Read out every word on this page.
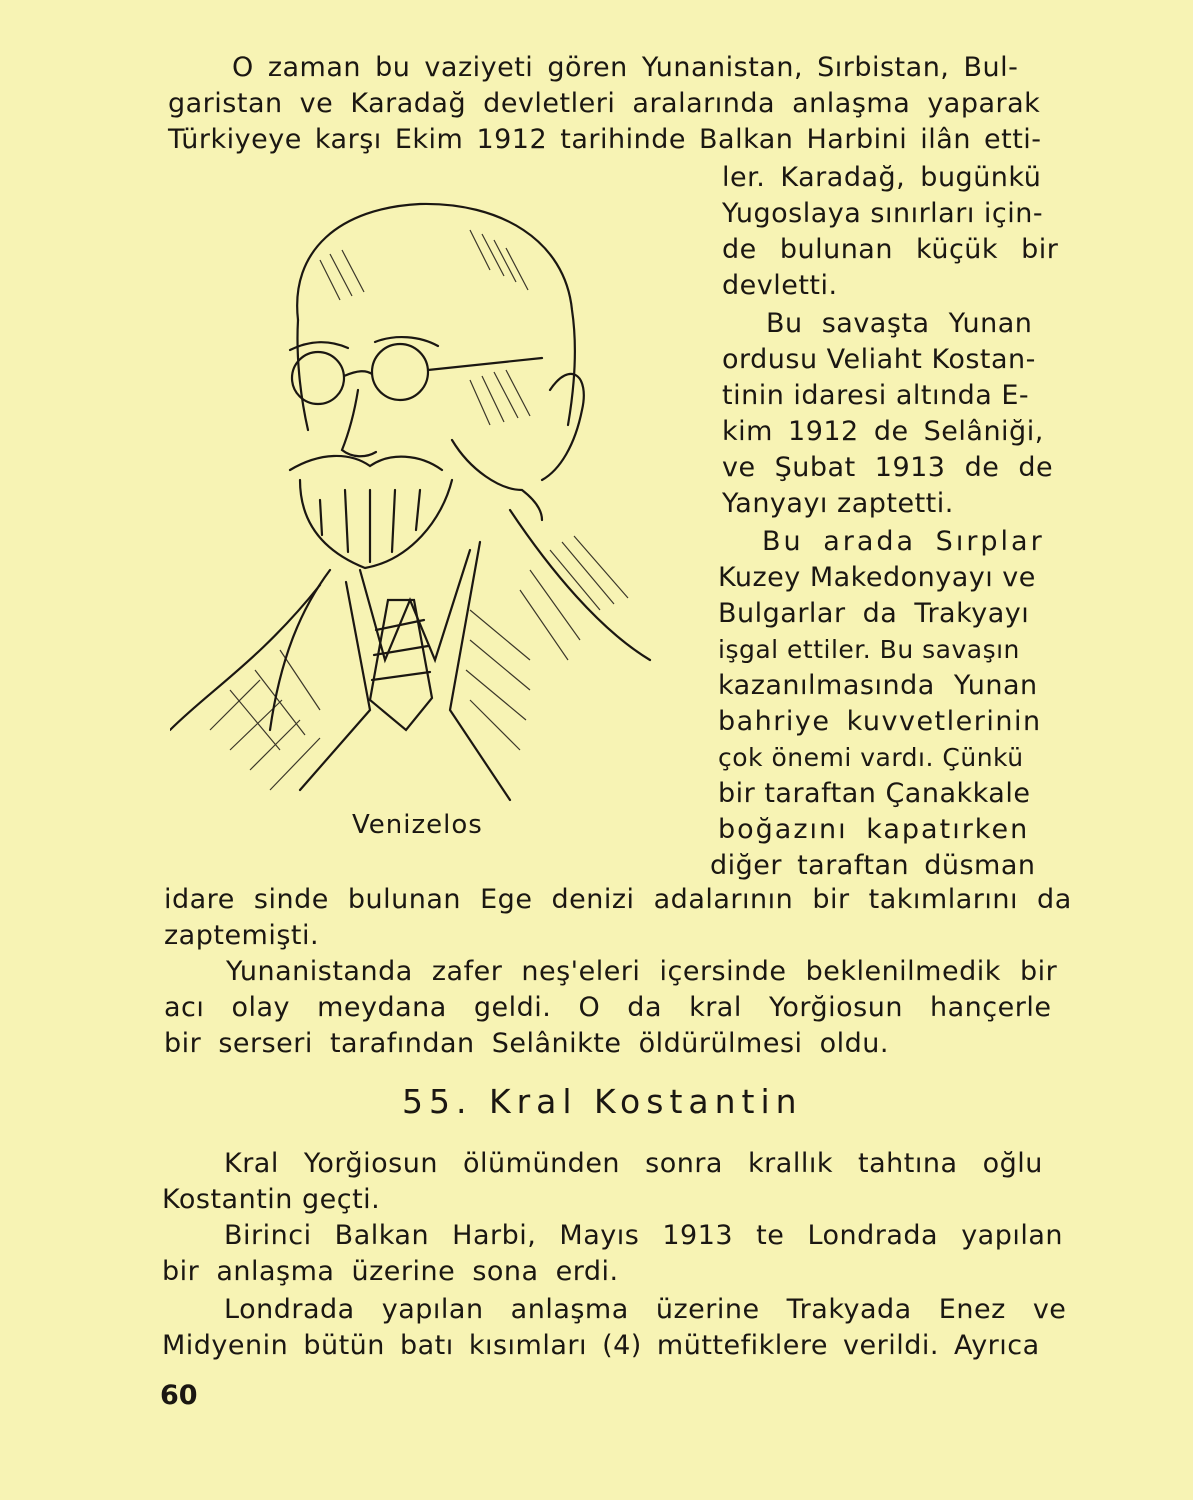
O zaman bu vaziyeti gören Yunanistan, Sırbistan, Bul-
garistan ve Karadağ devletleri aralarında anlaşma yaparak
Türkiyeye karşı Ekim 1912 tarihinde Balkan Harbini ilân etti-
ler. Karadağ, bugünkü
Yugoslaya sınırları için-
de bulunan küçük bir
devletti.
Bu savaşta Yunan
ordusu Veliaht Kostan-
tinin idaresi altında E-
kim 1912 de Selâniği,
ve Şubat 1913 de de
Yanyayı zaptetti.
Bu arada Sırplar
Kuzey Makedonyayı ve
Bulgarlar da Trakyayı
işgal ettiler. Bu savaşın
kazanılmasında Yunan
bahriye kuvvetlerinin
çok önemi vardı. Çünkü
bir taraftan Çanakkale
boğazını kapatırken
diğer taraftan düsman
Venizelos
idare sinde bulunan Ege denizi adalarının bir takımlarını da
zaptemişti.
Yunanistanda zafer neş'eleri içersinde beklenilmedik bir
acı olay meydana geldi. O da kral Yorğiosun hançerle
bir serseri tarafından Selânikte öldürülmesi oldu.
55. Kral Kostantin
Kral Yorğiosun ölümünden sonra krallık tahtına oğlu
Kostantin geçti.
Birinci Balkan Harbi, Mayıs 1913 te Londrada yapılan
bir anlaşma üzerine sona erdi.
Londrada yapılan anlaşma üzerine Trakyada Enez ve
Midyenin bütün batı kısımları (4) müttefiklere verildi. Ayrıca
60
